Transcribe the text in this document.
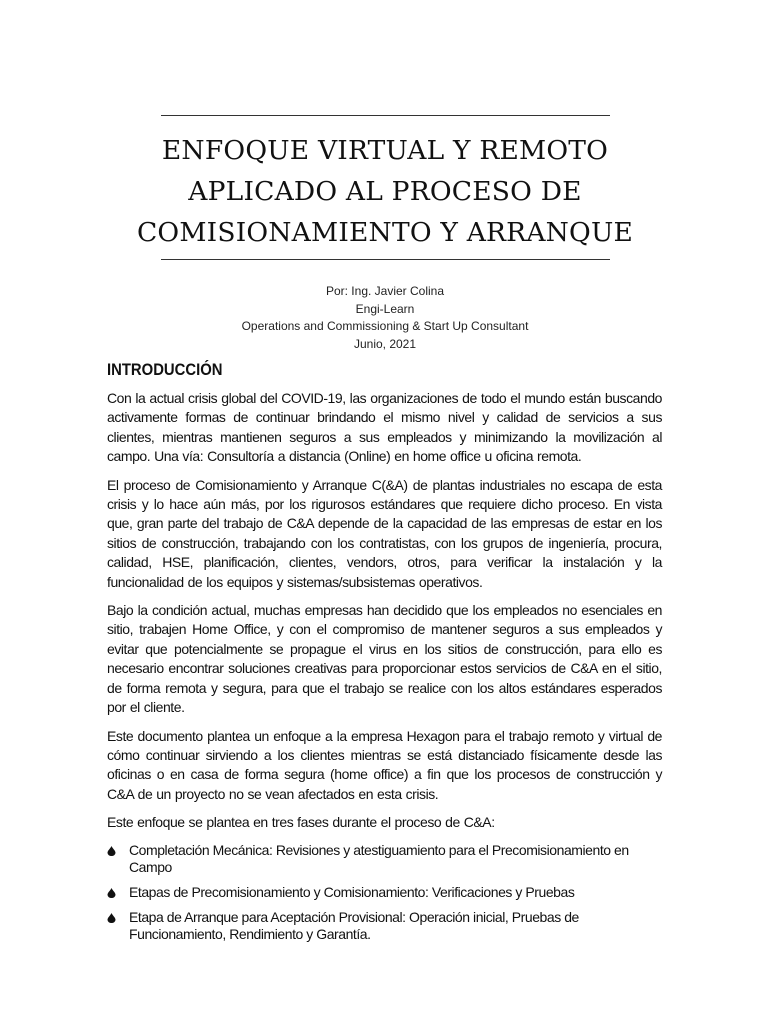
ENFOQUE VIRTUAL Y REMOTO
APLICADO AL PROCESO DE
COMISIONAMIENTO Y ARRANQUE
Por: Ing. Javier Colina
Engi-Learn
Operations and Commissioning & Start Up Consultant
Junio, 2021
INTRODUCCIÓN

Con la actual crisis global del COVID-19, las organizaciones de todo el mundo están buscando activamente formas de continuar brindando el mismo nivel y calidad de servicios a sus clientes, mientras mantienen seguros a sus empleados y minimizando la movilización al campo. Una vía: Consultoría a distancia (Online) en home office u oficina remota.

El proceso de Comisionamiento y Arranque C(&A) de plantas industriales no escapa de esta crisis y lo hace aún más, por los rigurosos estándares que requiere dicho proceso. En vista que, gran parte del trabajo de C&A depende de la capacidad de las empresas de estar en los sitios de construcción, trabajando con los contratistas, con los grupos de ingeniería, procura, calidad, HSE, planificación, clientes, vendors, otros, para verificar la instalación y la funcionalidad de los equipos y sistemas/subsistemas operativos.

Bajo la condición actual, muchas empresas han decidido que los empleados no esenciales en sitio, trabajen Home Office, y con el compromiso de mantener seguros a sus empleados y evitar que potencialmente se propague el virus en los sitios de construcción, para ello es necesario encontrar soluciones creativas para proporcionar estos servicios de C&A en el sitio, de forma remota y segura, para que el trabajo se realice con los altos estándares esperados por el cliente.

Este documento plantea un enfoque a la empresa Hexagon para el trabajo remoto y virtual de cómo continuar sirviendo a los clientes mientras se está distanciado físicamente desde las oficinas o en casa de forma segura (home office) a fin que los procesos de construcción y C&A de un proyecto no se vean afectados en esta crisis.

Este enfoque se plantea en tres fases durante el proceso de C&A:

Completación Mecánica: Revisiones y atestiguamiento para el Precomisionamiento en Campo
Etapas de Precomisionamiento y Comisionamiento: Verificaciones y Pruebas
Etapa de Arranque para Aceptación Provisional: Operación inicial, Pruebas de Funcionamiento, Rendimiento y Garantía.
